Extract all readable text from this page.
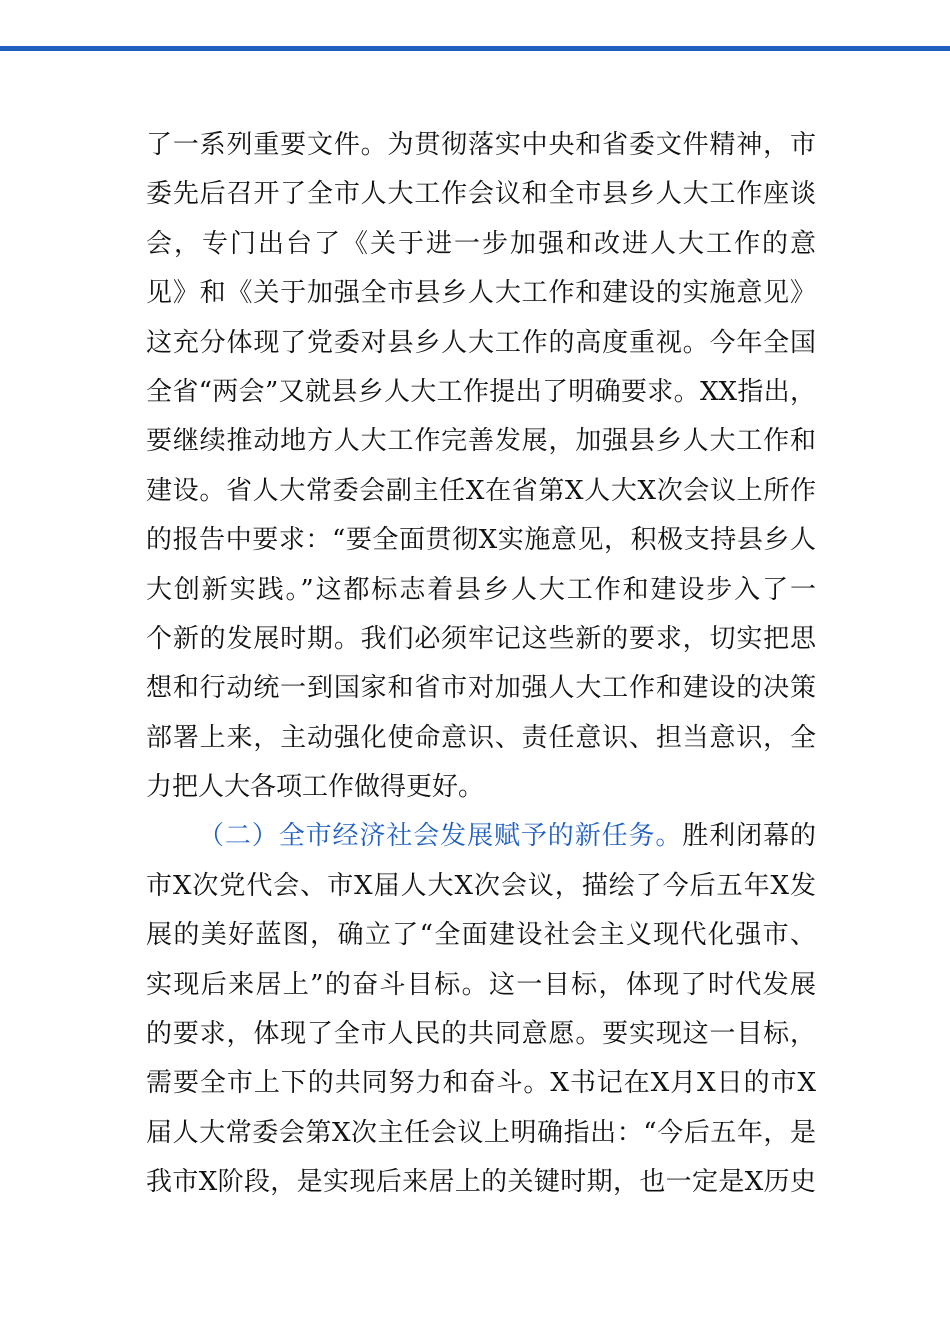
了一系列重要文件。为贯彻落实中央和省委文件精神，市
委先后召开了全市人大工作会议和全市县乡人大工作座谈
会，专门出台了《关于进一步加强和改进人大工作的意
见》和《关于加强全市县乡人大工作和建设的实施意见》
这充分体现了党委对县乡人大工作的高度重视。今年全国
全省“两会”又就县乡人大工作提出了明确要求。XX指出，
要继续推动地方人大工作完善发展，加强县乡人大工作和
建设。省人大常委会副主任X在省第X人大X次会议上所作
的报告中要求：“要全面贯彻X实施意见，积极支持县乡人
大创新实践。”这都标志着县乡人大工作和建设步入了一
个新的发展时期。我们必须牢记这些新的要求，切实把思
想和行动统一到国家和省市对加强人大工作和建设的决策
部署上来，主动强化使命意识、责任意识、担当意识，全
力把人大各项工作做得更好。
（二）全市经济社会发展赋予的新任务。胜利闭幕的
市X次党代会、市X届人大X次会议，描绘了今后五年X发
展的美好蓝图，确立了“全面建设社会主义现代化强市、
实现后来居上”的奋斗目标。这一目标，体现了时代发展
的要求，体现了全市人民的共同意愿。要实现这一目标，
需要全市上下的共同努力和奋斗。X书记在X月X日的市X
届人大常委会第X次主任会议上明确指出：“今后五年，是
我市X阶段，是实现后来居上的关键时期，也一定是X历史
